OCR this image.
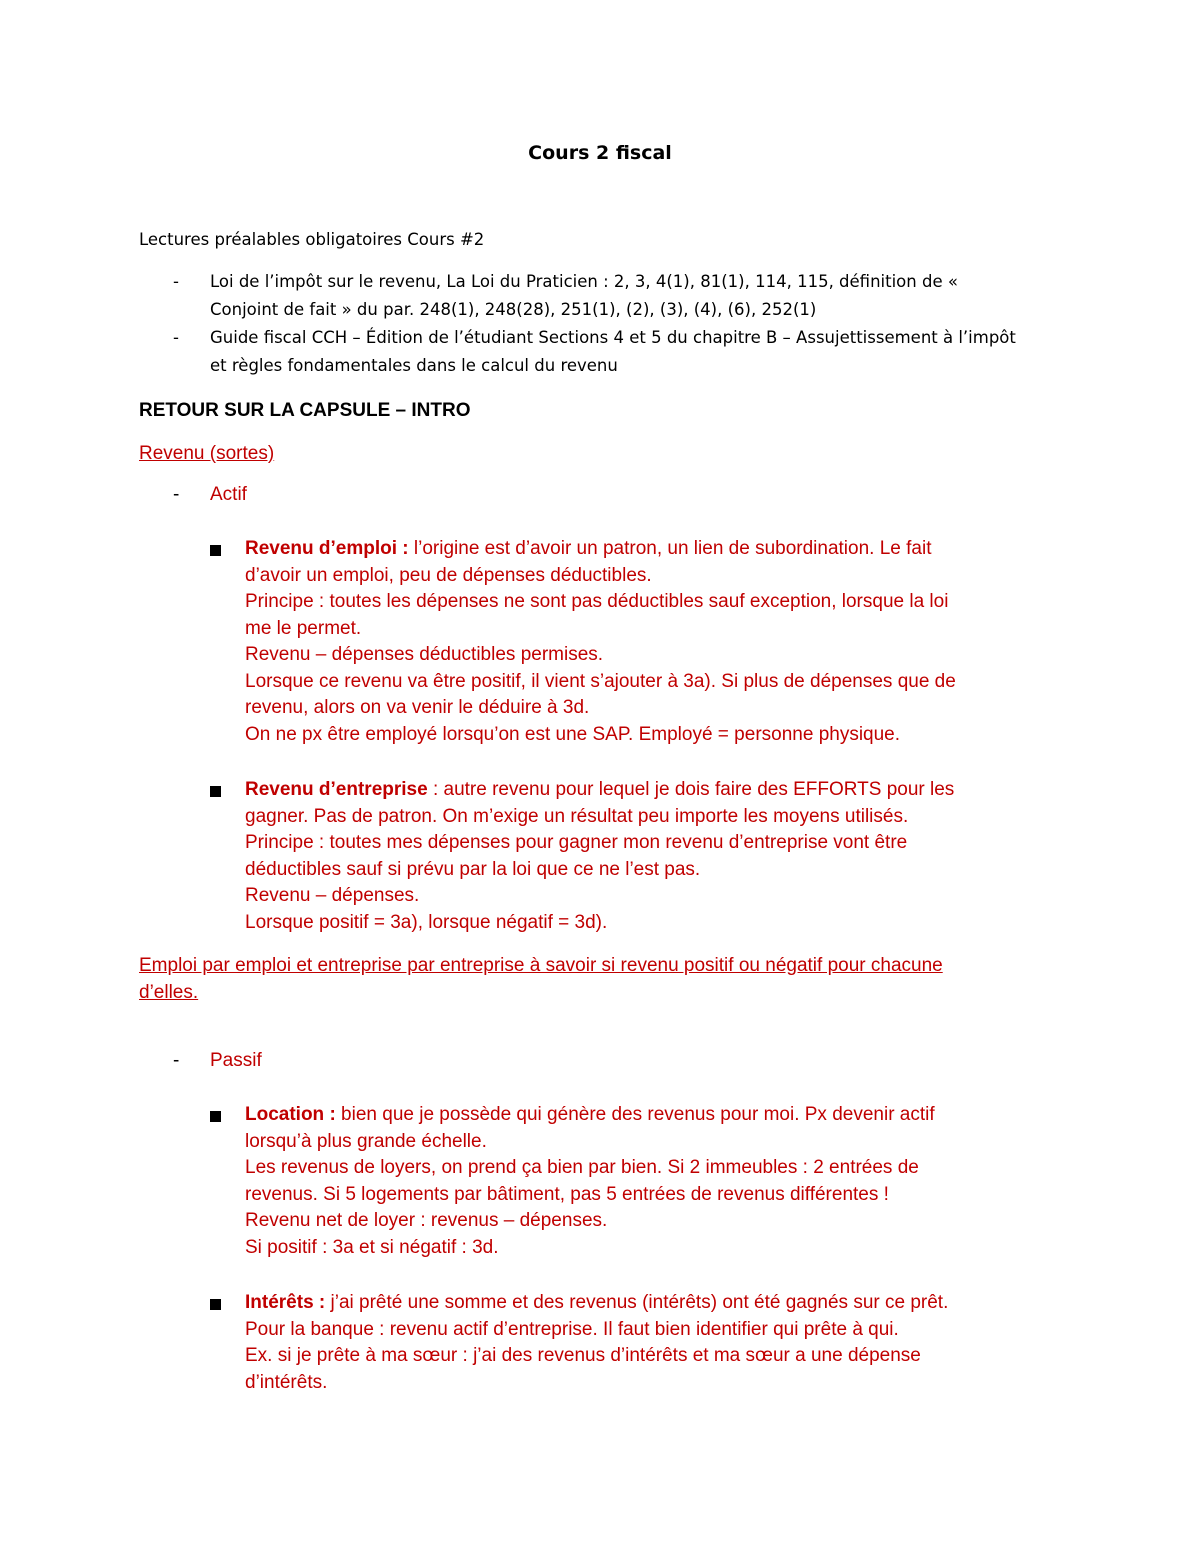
Cours 2 fiscal
Lectures préalables obligatoires Cours #2
- Loi de l’impôt sur le revenu, La Loi du Praticien : 2, 3, 4(1), 81(1), 114, 115, définition de «
Conjoint de fait » du par. 248(1), 248(28), 251(1), (2), (3), (4), (6), 252(1)
- Guide fiscal CCH – Édition de l’étudiant Sections 4 et 5 du chapitre B – Assujettissement à l’impôt
et règles fondamentales dans le calcul du revenu
RETOUR SUR LA CAPSULE – INTRO
Revenu (sortes)
- Actif
Revenu d’emploi : l’origine est d’avoir un patron, un lien de subordination. Le fait
d’avoir un emploi, peu de dépenses déductibles.
Principe : toutes les dépenses ne sont pas déductibles sauf exception, lorsque la loi
me le permet.
Revenu – dépenses déductibles permises.
Lorsque ce revenu va être positif, il vient s’ajouter à 3a). Si plus de dépenses que de
revenu, alors on va venir le déduire à 3d.
On ne px être employé lorsqu’on est une SAP. Employé = personne physique.
Revenu d’entreprise : autre revenu pour lequel je dois faire des EFFORTS pour les
gagner. Pas de patron. On m’exige un résultat peu importe les moyens utilisés.
Principe : toutes mes dépenses pour gagner mon revenu d’entreprise vont être
déductibles sauf si prévu par la loi que ce ne l’est pas.
Revenu – dépenses.
Lorsque positif = 3a), lorsque négatif = 3d).
Emploi par emploi et entreprise par entreprise à savoir si revenu positif ou négatif pour chacune
d’elles.
- Passif
Location : bien que je possède qui génère des revenus pour moi. Px devenir actif
lorsqu’à plus grande échelle.
Les revenus de loyers, on prend ça bien par bien. Si 2 immeubles : 2 entrées de
revenus. Si 5 logements par bâtiment, pas 5 entrées de revenus différentes !
Revenu net de loyer : revenus – dépenses.
Si positif : 3a et si négatif : 3d.
Intérêts : j’ai prêté une somme et des revenus (intérêts) ont été gagnés sur ce prêt.
Pour la banque : revenu actif d’entreprise. Il faut bien identifier qui prête à qui.
Ex. si je prête à ma sœur : j’ai des revenus d’intérêts et ma sœur a une dépense
d’intérêts.
